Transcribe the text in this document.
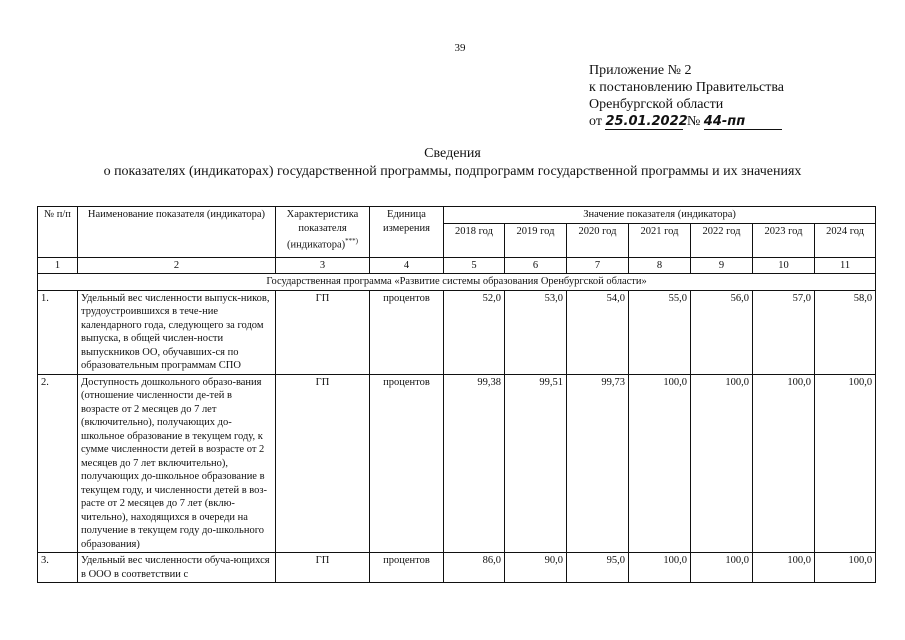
39
Приложение № 2
к постановлению Правительства
Оренбургской области
от 25.01.2022 № 44-пп
Сведения
о показателях (индикаторах) государственной программы, подпрограмм государственной программы и их значениях
№ п/п	Наименование показателя (индикатора)	Характеристика показателя (индикатора)***)	Единица измерения	Значение показателя (индикатора)						
				2018 год	2019 год	2020 год	2021 год	2022 год	2023 год	2024 год
1	2	3	4	5	6	7	8	9	10	11
Государственная программа «Развитие системы образования Оренбургской области»										
1.	Удельный вес численности выпуск-ников, трудоустроившихся в тече-ние календарного года, следующего за годом выпуска, в общей числен-ности выпускников ОО, обучавших-ся по образовательным программам СПО	ГП	процентов	52,0	53,0	54,0	55,0	56,0	57,0	58,0
2.	Доступность дошкольного образо-вания (отношение численности де-тей в возрасте от 2 месяцев до 7 лет (включительно), получающих до-школьное образование в текущем году, к сумме численности детей в возрасте от 2 месяцев до 7 лет включительно), получающих до-школьное образование в текущем году, и численности детей в воз-расте от 2 месяцев до 7 лет (вклю-чительно), находящихся в очереди на получение в текущем году до-школьного образования)	ГП	процентов	99,38	99,51	99,73	100,0	100,0	100,0	100,0
3.	Удельный вес численности обуча-ющихся в ООО в соответствии с	ГП	процентов	86,0	90,0	95,0	100,0	100,0	100,0	100,0
